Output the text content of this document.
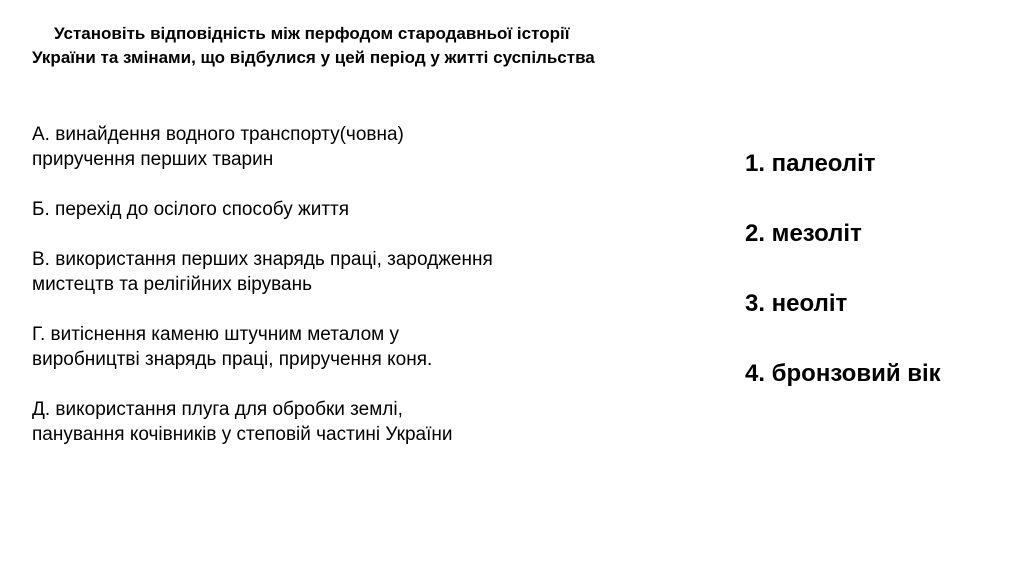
Установіть відповідність між перфодом стародавньої історії
України та змінами, що відбулися у цей період у житті суспільства
А. винайдення водного транспорту(човна)
приручення перших тварин
Б. перехід до осілого способу життя
В. використання перших знарядь праці, зародження
мистецтв та релігійних вірувань
Г. витіснення каменю штучним металом у
виробництві знарядь праці, приручення коня.
Д. використання плуга для обробки землі,
панування кочівників у степовій частині України
1. палеоліт
2. мезоліт
3. неоліт
4. бронзовий вік
